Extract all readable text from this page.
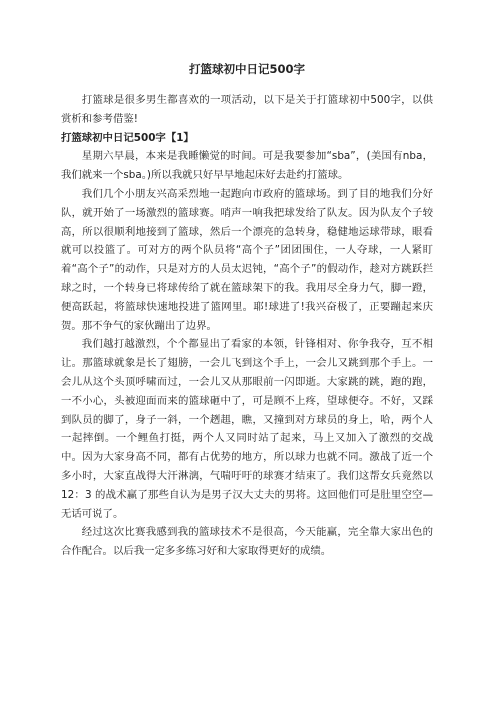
打篮球初中日记500字

打篮球是很多男生都喜欢的一项活动，以下是关于打篮球初中500字，以供赏析和参考借鉴!

打篮球初中日记500字【1】

星期六早晨，本来是我睡懒觉的时间。可是我要参加“sba”，(美国有nba，我们就来一个sba。)所以我就只好早早地起床好去赴约打篮球。

我们几个小朋友兴高采烈地一起跑向市政府的篮球场。到了目的地我们分好队，就开始了一场激烈的篮球赛。哨声一响我把球发给了队友。因为队友个子较高，所以很顺利地接到了篮球，然后一个漂亮的急转身，稳健地运球带球，眼看就可以投篮了。可对方的两个队员将“高个子”团团围住，一人夺球，一人紧盯着“高个子”的动作，只是对方的人员太迟钝，“高个子”的假动作，趁对方跳跃拦球之时，一个转身已将球传给了就在篮球架下的我。我用尽全身力气，脚一蹬，便高跃起，将篮球快速地投进了篮网里。耶!球进了!我兴奋极了，正要蹦起来庆贺。那不争气的家伙蹦出了边界。

我们越打越激烈，个个都显出了看家的本领，针锋相对、你争我夺，互不相让。那篮球就象是长了翅膀，一会儿飞到这个手上，一会儿又跳到那个手上。一会儿从这个头顶呼啸而过，一会儿又从那眼前一闪即逝。大家跳的跳，跑的跑，一不小心，头被迎面而来的篮球砸中了，可是顾不上疼，望球便夺。不好，又踩到队员的脚了，身子一斜，一个趔趄，瞧，又撞到对方球员的身上，哈，两个人一起摔倒。一个鲤鱼打挺，两个人又同时站了起来，马上又加入了激烈的交战中。因为大家身高不同，都有占优势的地方，所以球力也就不同。激战了近一个多小时，大家直战得大汗淋漓，气喘吁吁的球赛才结束了。我们这帮女兵竟然以 12：3 的战术赢了那些自认为是男子汉大丈夫的男将。这回他们可是肚里空空—无话可说了。

经过这次比赛我感到我的篮球技术不是很高，今天能赢，完全靠大家出色的合作配合。以后我一定多多练习好和大家取得更好的成绩。
